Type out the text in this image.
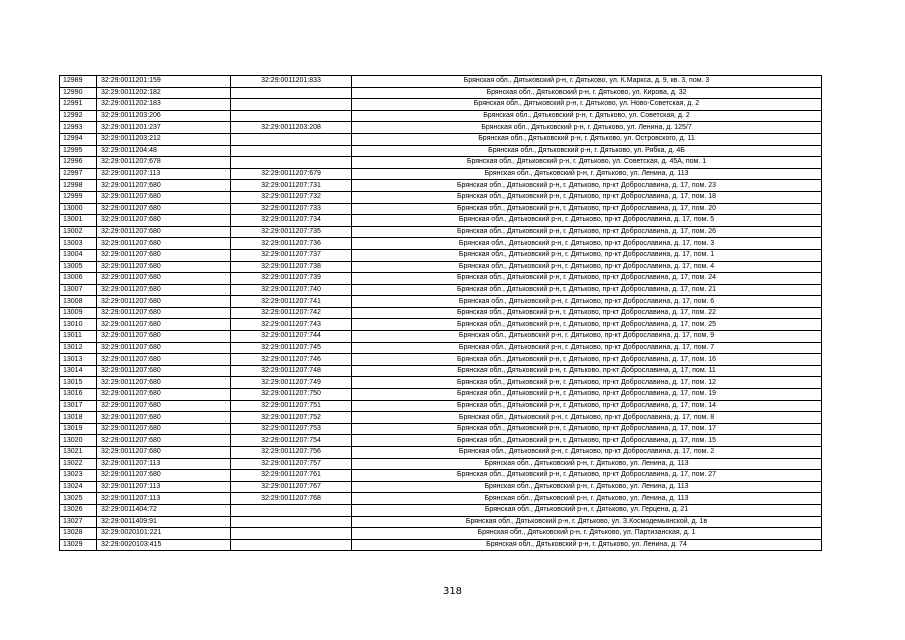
12989	32:29:0011201:159	32:29:0011201:833	Брянская обл., Дятьковский р-н, г. Дятьково, ул. К.Маркса, д. 9, кв. 3, пом. 3
12990	32:29:0011202:182		Брянская обл., Дятьковский р-н, г. Дятьково, ул. Кирова, д. 32
12991	32:29:0011202:183		Брянская обл., Дятьковский р-н, г. Дятьково, ул. Ново-Советская, д. 2
12992	32:29:0011203:206		Брянская обл., Дятьковский р-н, г. Дятьково, ул. Советская, д. 2
12993	32:29:0011201:237	32:29:0011203:208	Брянская обл., Дятьковский р-н, г. Дятьково, ул. Ленина, д. 125/7
12994	32:29:0011203:212		Брянская обл., Дятьковский р-н, г. Дятьково, ул. Островского, д. 11
12995	32:29:0011204:48		Брянская обл., Дятьковский р-н, г. Дятьково, ул. Рябка, д. 4Б
12996	32:29:0011207:678		Брянская обл., Дятьковский р-н, г. Дятьково, ул. Советская, д. 45А, пом. 1
12997	32:29:0011207:113	32:29:0011207:679	Брянская обл., Дятьковский р-н, г. Дятьково, ул. Ленина, д. 113
12998	32:29:0011207:680	32:29:0011207:731	Брянская обл., Дятьковский р-н, г. Дятьково, пр-кт Доброславина, д. 17, пом. 23
12999	32:29:0011207:680	32:29:0011207:732	Брянская обл., Дятьковский р-н, г. Дятьково, пр-кт Доброславина, д. 17, пом. 18
13000	32:29:0011207:680	32:29:0011207:733	Брянская обл., Дятьковский р-н, г. Дятьково, пр-кт Доброславина, д. 17, пом. 20
13001	32:29:0011207:680	32:29:0011207:734	Брянская обл., Дятьковский р-н, г. Дятьково, пр-кт Доброславина, д. 17, пом. 5
13002	32:29:0011207:680	32:29:0011207:735	Брянская обл., Дятьковский р-н, г. Дятьково, пр-кт Доброславина, д. 17, пом. 26
13003	32:29:0011207:680	32:29:0011207:736	Брянская обл., Дятьковский р-н, г. Дятьково, пр-кт Доброславина, д. 17, пом. 3
13004	32:29:0011207:680	32:29:0011207:737	Брянская обл., Дятьковский р-н, г. Дятьково, пр-кт Доброславина, д. 17, пом. 1
13005	32:29:0011207:680	32:29:0011207:738	Брянская обл., Дятьковский р-н, г. Дятьково, пр-кт Доброславина, д. 17, пом. 4
13006	32:29:0011207:680	32:29:0011207:739	Брянская обл., Дятьковский р-н, г. Дятьково, пр-кт Доброславина, д. 17, пом. 24
13007	32:29:0011207:680	32:29:0011207:740	Брянская обл., Дятьковский р-н, г. Дятьково, пр-кт Доброславина, д. 17, пом. 21
13008	32:29:0011207:680	32:29:0011207:741	Брянская обл., Дятьковский р-н, г. Дятьково, пр-кт Доброславина, д. 17, пом. 6
13009	32:29:0011207:680	32:29:0011207:742	Брянская обл., Дятьковский р-н, г. Дятьково, пр-кт Доброславина, д. 17, пом. 22
13010	32:29:0011207:680	32:29:0011207:743	Брянская обл., Дятьковский р-н, г. Дятьково, пр-кт Доброславина, д. 17, пом. 25
13011	32:29:0011207:680	32:29:0011207:744	Брянская обл., Дятьковский р-н, г. Дятьково, пр-кт Доброславина, д. 17, пом. 9
13012	32:29:0011207:680	32:29:0011207:745	Брянская обл., Дятьковский р-н, г. Дятьково, пр-кт Доброславина, д. 17, пом. 7
13013	32:29:0011207:680	32:29:0011207:746	Брянская обл., Дятьковский р-н, г. Дятьково, пр-кт Доброславина, д. 17, пом. 16
13014	32:29:0011207:680	32:29:0011207:748	Брянская обл., Дятьковский р-н, г. Дятьково, пр-кт Доброславина, д. 17, пом. 11
13015	32:29:0011207:680	32:29:0011207:749	Брянская обл., Дятьковский р-н, г. Дятьково, пр-кт Доброславина, д. 17, пом. 12
13016	32:29:0011207:680	32:29:0011207:750	Брянская обл., Дятьковский р-н, г. Дятьково, пр-кт Доброславина, д. 17, пом. 19
13017	32:29:0011207:680	32:29:0011207:751	Брянская обл., Дятьковский р-н, г. Дятьково, пр-кт Доброславина, д. 17, пом. 14
13018	32:29:0011207:680	32:29:0011207:752	Брянская обл., Дятьковский р-н, г. Дятьково, пр-кт Доброславина, д. 17, пом. 8
13019	32:29:0011207:680	32:29:0011207:753	Брянская обл., Дятьковский р-н, г. Дятьково, пр-кт Доброславина, д. 17, пом. 17
13020	32:29:0011207:680	32:29:0011207:754	Брянская обл., Дятьковский р-н, г. Дятьково, пр-кт Доброславина, д. 17, пом. 15
13021	32:29:0011207:680	32:29:0011207:756	Брянская обл., Дятьковский р-н, г. Дятьково, пр-кт Доброславина, д. 17, пом. 2
13022	32:29:0011207:113	32:29:0011207:757	Брянская обл., Дятьковский р-н, г. Дятьково, ул. Ленина, д. 113
13023	32:29:0011207:680	32:29:0011207:761	Брянская обл., Дятьковский р-н, г. Дятьково, пр-кт Доброславина, д. 17, пом. 27
13024	32:29:0011207:113	32:29:0011207:767	Брянская обл., Дятьковский р-н, г. Дятьково, ул. Ленина, д. 113
13025	32:29:0011207:113	32:29:0011207:768	Брянская обл., Дятьковский р-н, г. Дятьково, ул. Ленина, д. 113
13026	32:29:0011404:72		Брянская обл., Дятьковский р-н, г. Дятьково, ул. Герцена, д. 21
13027	32:29:0011409:91		Брянская обл., Дятьковский р-н, г. Дятьково, ул. З.Космодемьянской, д. 1в
13028	32:29:0020101:221		Брянская обл., Дятьковский р-н, г. Дятьково, ул. Партизанская, д. 1
13029	32:29:0020103:415		Брянская обл., Дятьковский р-н, г. Дятьково, ул. Ленина, д. 74
318
